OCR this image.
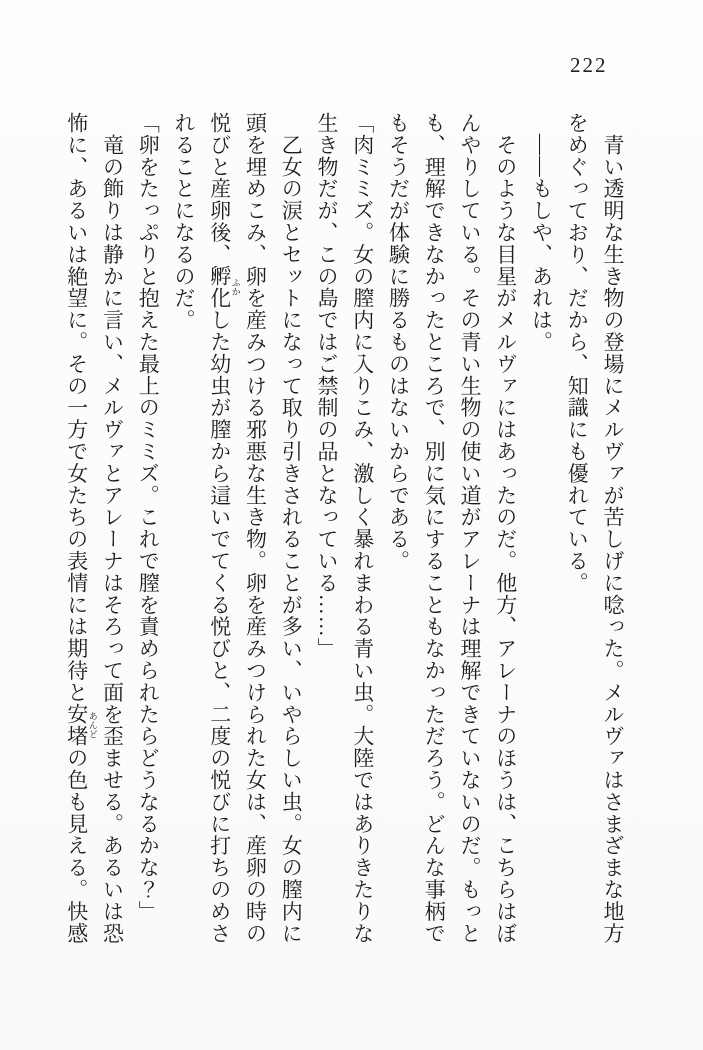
222

　青い透明な生き物の登場にメルヴァが苦しげに唸った。メルヴァはさまざまな地方をめぐっており、だから、知識にも優れている。

　――もしや、あれは。

　そのような目星がメルヴァにはあったのだ。他方、アレーナのほうは、こちらはぼんやりしている。その青い生物の使い道がアレーナは理解できていないのだ。もっとも、理解できなかったところで、別に気にすることもなかっただろう。どんな事柄でもそうだが体験に勝るものはないからである。

「肉ミミズ。女の膣内に入りこみ、激しく暴れまわる青い虫。大陸ではありきたりな生き物だが、この島ではご禁制の品となっている……」

　乙女の涙とセットになって取り引きされることが多い、いやらしい虫。女の膣内に頭を埋めこみ、卵を産みつける邪悪な生き物。卵を産みつけられた女は、産卵の時の悦びと産卵後、孵化 ふかした幼虫が膣から這いでてくる悦びと、二度の悦びに打ちのめされることになるのだ。

「卵をたっぷりと抱えた最上のミミズ。これで膣を責められたらどうなるかな？」

　竜の飾りは静かに言い、メルヴァとアレーナはそろって面を歪ませる。あるいは恐怖に、あるいは絶望に。その一方で女たちの表情には期待と安堵 あんどの色も見える。快感
